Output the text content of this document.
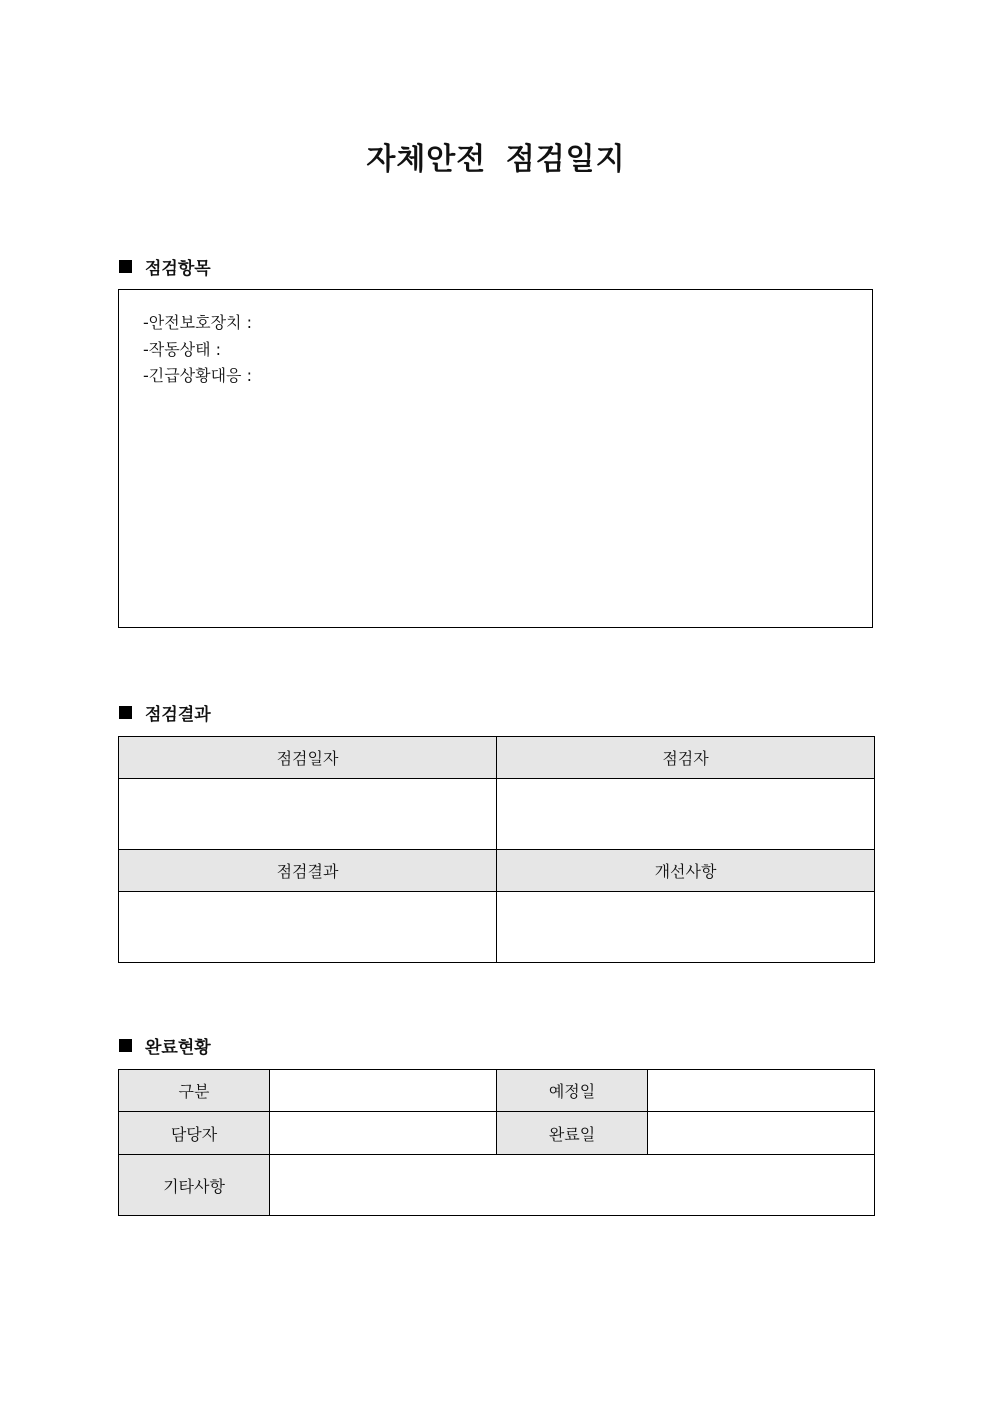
자체안전 점검일지
점검항목
-안전보호장치 :
-작동상태 :
-긴급상황대응 :
점검결과
점검일자	점검자

점검결과	개선사항

완료현황
구분		예정일	
담당자		완료일	
기타사항			
